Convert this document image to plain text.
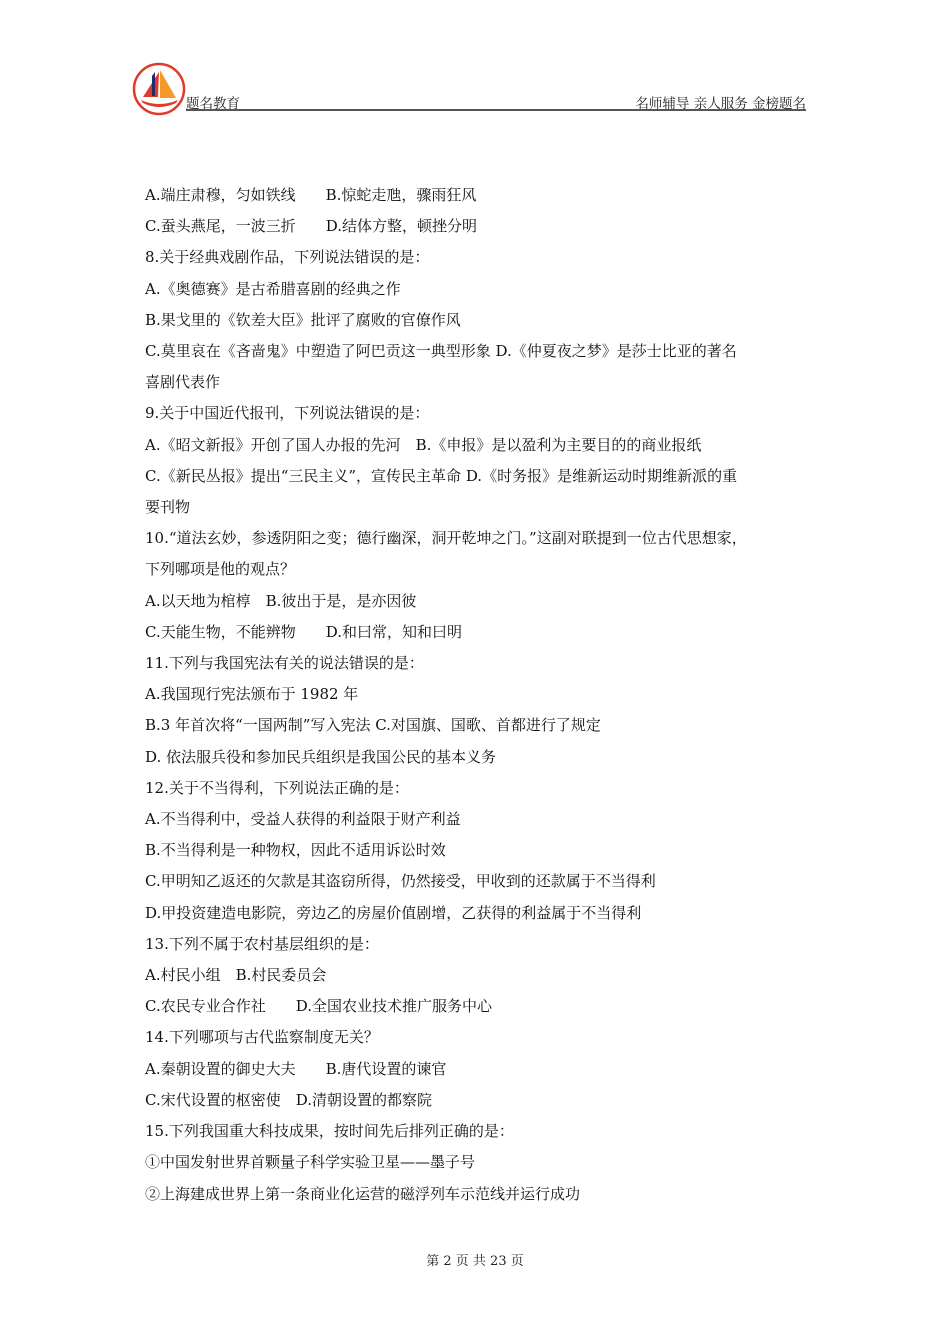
题名教育	名师辅导 亲人服务 金榜题名

A.端庄肃穆，匀如铁线　　B.惊蛇走虺，骤雨狂风

C.蚕头燕尾，一波三折　　D.结体方整，顿挫分明

8.关于经典戏剧作品，下列说法错误的是：

A.《奥德赛》是古希腊喜剧的经典之作

B.果戈里的《钦差大臣》批评了腐败的官僚作风

C.莫里哀在《吝啬鬼》中塑造了阿巴贡这一典型形象 D.《仲夏夜之梦》是莎士比亚的著名

喜剧代表作

9.关于中国近代报刊，下列说法错误的是：

A.《昭文新报》开创了国人办报的先河　B.《申报》是以盈利为主要目的的商业报纸

C.《新民丛报》提出“三民主义”，宣传民主革命 D.《时务报》是维新运动时期维新派的重

要刊物

10.“道法玄妙，参透阴阳之变；德行幽深，洞开乾坤之门。”这副对联提到一位古代思想家，

下列哪项是他的观点？

A.以天地为棺椁　B.彼出于是，是亦因彼

C.天能生物，不能辨物　　D.和曰常，知和曰明

11.下列与我国宪法有关的说法错误的是：

A.我国现行宪法颁布于 1982 年

B.3 年首次将“一国两制”写入宪法 C.对国旗、国歌、首都进行了规定

D. 依法服兵役和参加民兵组织是我国公民的基本义务

12.关于不当得利，下列说法正确的是：

A.不当得利中，受益人获得的利益限于财产利益

B.不当得利是一种物权，因此不适用诉讼时效

C.甲明知乙返还的欠款是其盗窃所得，仍然接受，甲收到的还款属于不当得利

D.甲投资建造电影院，旁边乙的房屋价值剧增，乙获得的利益属于不当得利

13.下列不属于农村基层组织的是：

A.村民小组　B.村民委员会

C.农民专业合作社　　D.全国农业技术推广服务中心

14.下列哪项与古代监察制度无关？

A.秦朝设置的御史大夫　　B.唐代设置的谏官

C.宋代设置的枢密使　D.清朝设置的都察院

15.下列我国重大科技成果，按时间先后排列正确的是：

①中国发射世界首颗量子科学实验卫星——墨子号

②上海建成世界上第一条商业化运营的磁浮列车示范线并运行成功

第 2 页 共 23 页
